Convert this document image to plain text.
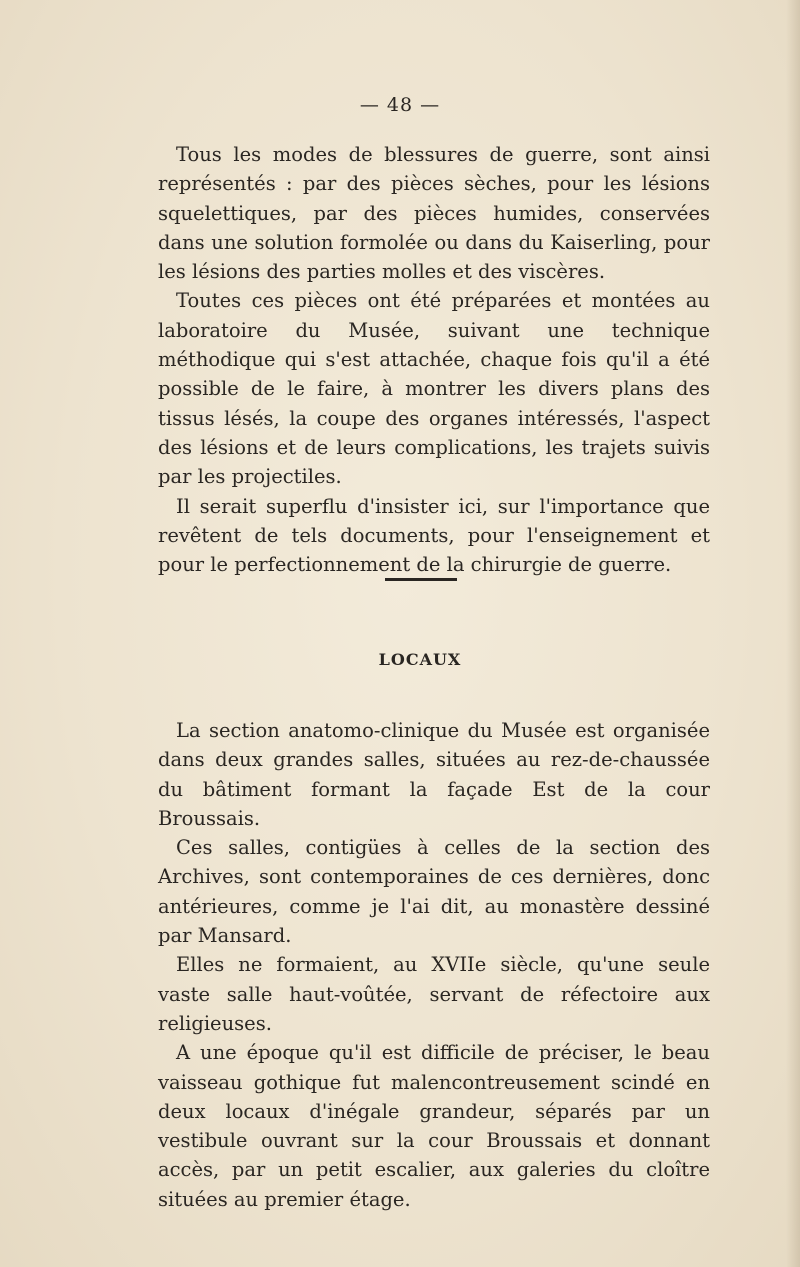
— 48 —

Tous les modes de blessures de guerre, sont ainsi représentés : par des pièces sèches, pour les lésions squelettiques, par des pièces humides, conservées dans une solution formolée ou dans du Kaiserling, pour les lésions des parties molles et des viscères.

Toutes ces pièces ont été préparées et montées au laboratoire du Musée, suivant une technique méthodique qui s'est attachée, chaque fois qu'il a été possible de le faire, à montrer les divers plans des tissus lésés, la coupe des organes intéressés, l'aspect des lésions et de leurs complications, les trajets suivis par les projectiles.

Il serait superflu d'insister ici, sur l'importance que revêtent de tels documents, pour l'enseignement et pour le perfectionnement de la chirurgie de guerre.

LOCAUX

La section anatomo-clinique du Musée est organisée dans deux grandes salles, situées au rez-de-chaussée du bâtiment formant la façade Est de la cour Broussais.

Ces salles, contigües à celles de la section des Archives, sont contemporaines de ces dernières, donc antérieures, comme je l'ai dit, au monastère dessiné par Mansard.

Elles ne formaient, au XVIIe siècle, qu'une seule vaste salle haut-voûtée, servant de réfectoire aux religieuses.

A une époque qu'il est difficile de préciser, le beau vaisseau gothique fut malencontreusement scindé en deux locaux d'inégale grandeur, séparés par un vestibule ouvrant sur la cour Broussais et donnant accès, par un petit escalier, aux galeries du cloître situées au premier étage.
